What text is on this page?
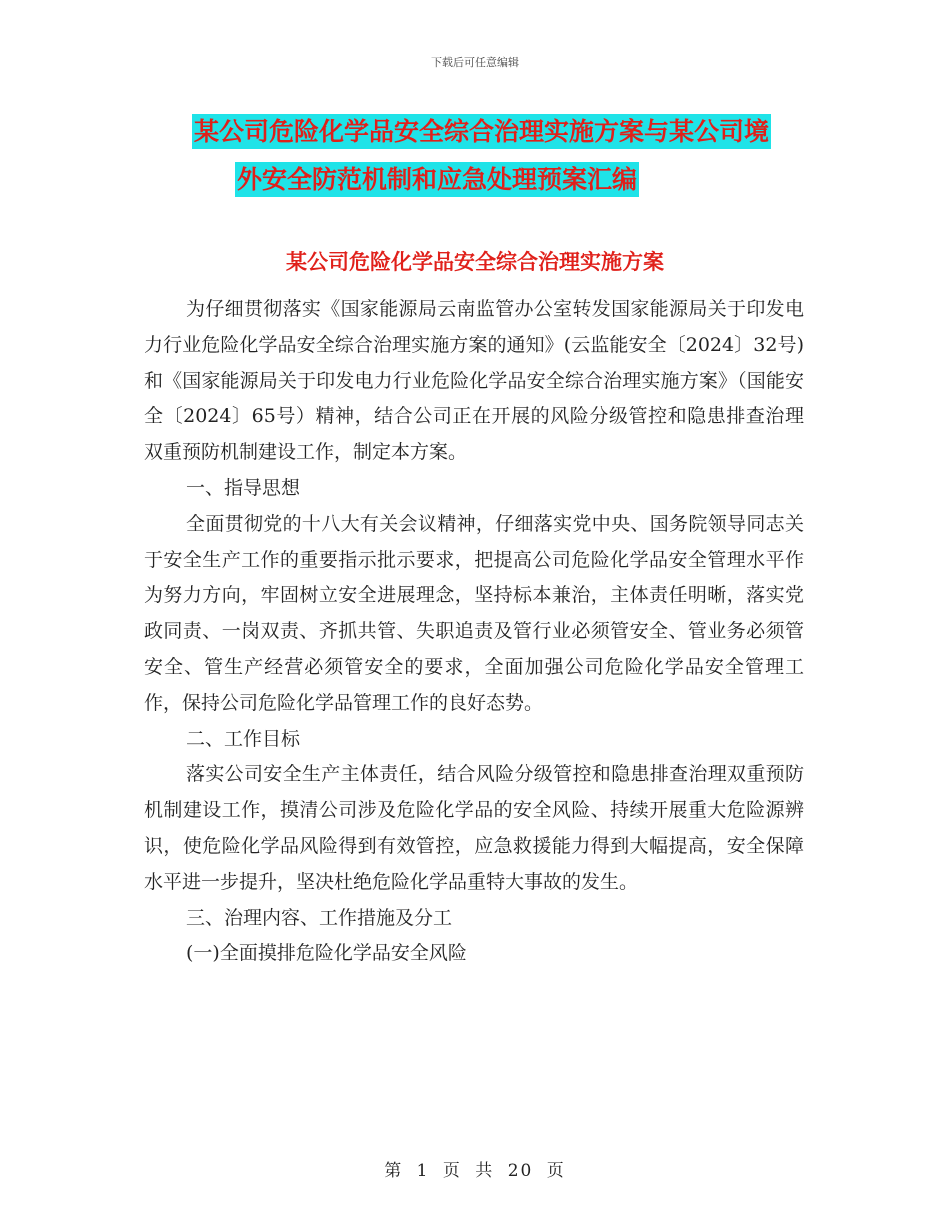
下载后可任意编辑
某公司危险化学品安全综合治理实施方案与某公司境
外安全防范机制和应急处理预案汇编
某公司危险化学品安全综合治理实施方案

为仔细贯彻落实《国家能源局云南监管办公室转发国家能源局关于印发电力行业危险化学品安全综合治理实施方案的通知》(云监能安全〔2024〕32号)和《国家能源局关于印发电力行业危险化学品安全综合治理实施方案》（国能安全〔2024〕65号）精神，结合公司正在开展的风险分级管控和隐患排查治理双重预防机制建设工作，制定本方案。

一、指导思想

全面贯彻党的十八大有关会议精神，仔细落实党中央、国务院领导同志关于安全生产工作的重要指示批示要求，把提高公司危险化学品安全管理水平作为努力方向，牢固树立安全进展理念，坚持标本兼治，主体责任明晰，落实党政同责、一岗双责、齐抓共管、失职追责及管行业必须管安全、管业务必须管安全、管生产经营必须管安全的要求，全面加强公司危险化学品安全管理工作，保持公司危险化学品管理工作的良好态势。

二、工作目标

落实公司安全生产主体责任，结合风险分级管控和隐患排查治理双重预防机制建设工作，摸清公司涉及危险化学品的安全风险、持续开展重大危险源辨识，使危险化学品风险得到有效管控，应急救援能力得到大幅提高，安全保障水平进一步提升，坚决杜绝危险化学品重特大事故的发生。

三、治理内容、工作措施及分工

(一)全面摸排危险化学品安全风险

第 1 页 共 20 页
